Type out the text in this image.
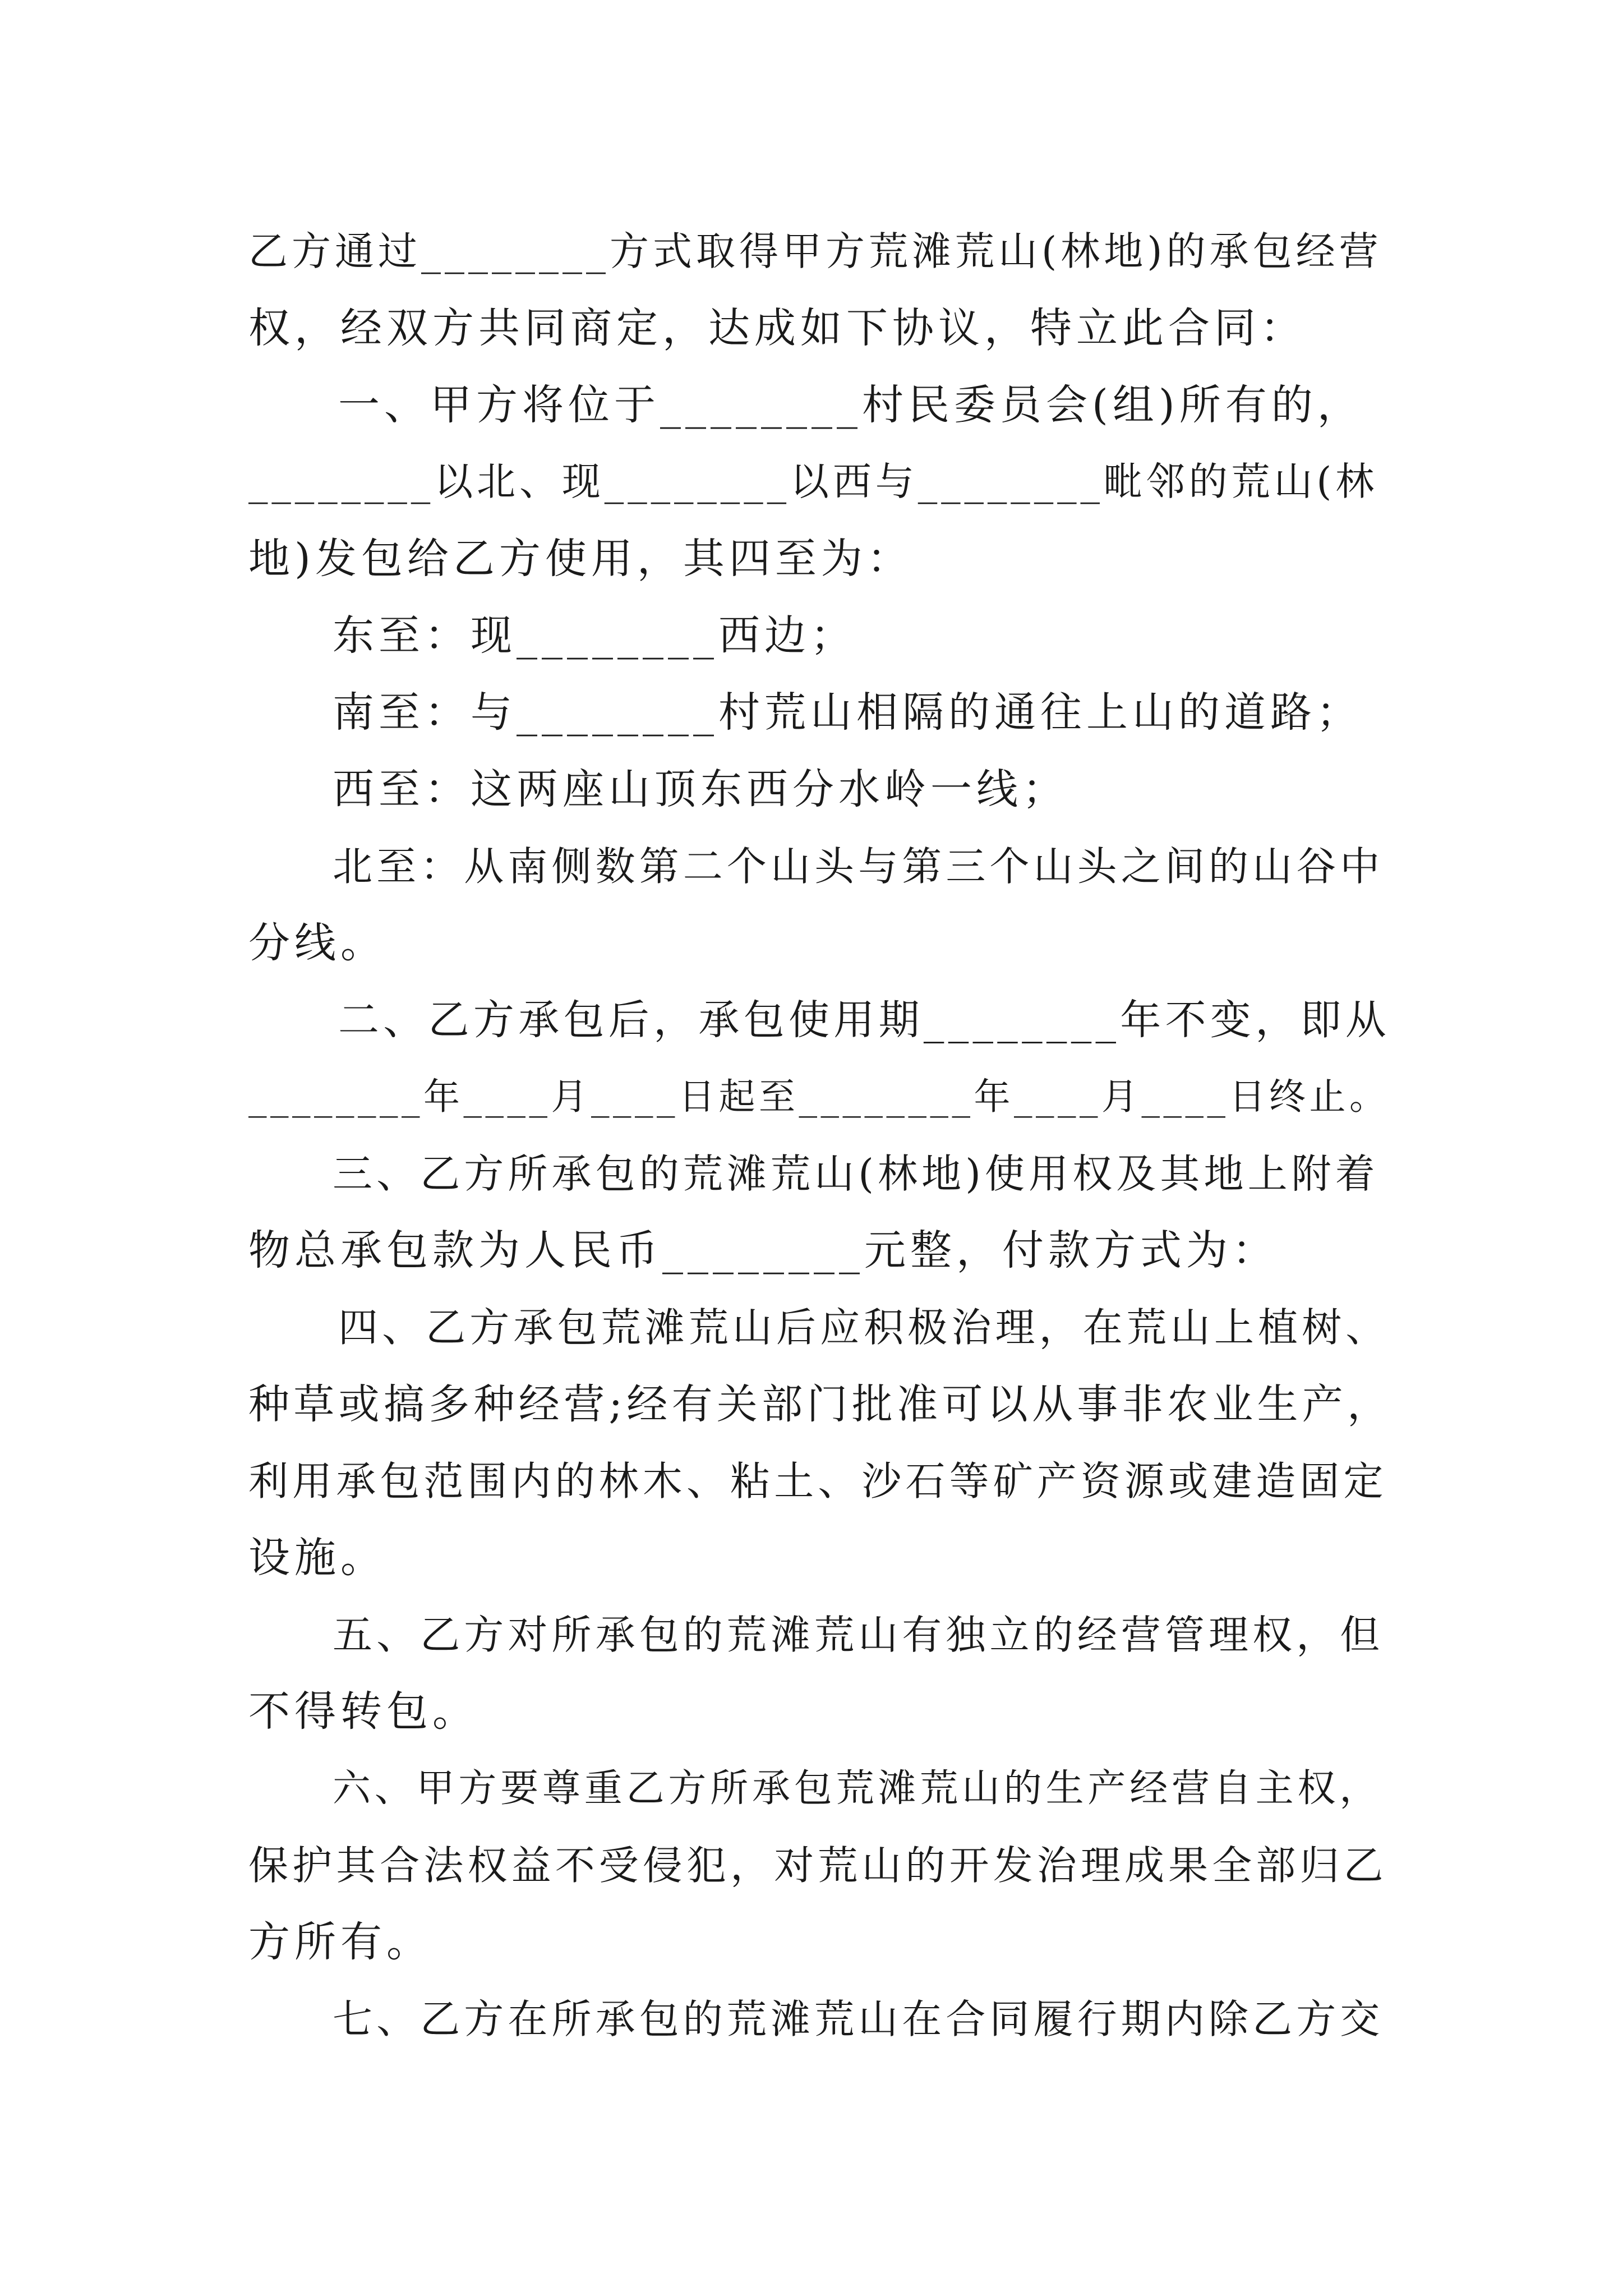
乙方通过________方式取得甲方荒滩荒山(林地)的承包经营
权，经双方共同商定，达成如下协议，特立此合同：
一、甲方将位于________村民委员会(组)所有的，
________以北、现________以西与________毗邻的荒山(林
地)发包给乙方使用，其四至为：
东至：现________西边；
南至：与________村荒山相隔的通往上山的道路；
西至：这两座山顶东西分水岭一线；
北至：从南侧数第二个山头与第三个山头之间的山谷中
分线。
二、乙方承包后，承包使用期________年不变，即从
________年____月____日起至________年____月____日终止。
三、乙方所承包的荒滩荒山(林地)使用权及其地上附着
物总承包款为人民币________元整，付款方式为：
四、乙方承包荒滩荒山后应积极治理，在荒山上植树、
种草或搞多种经营;经有关部门批准可以从事非农业生产，
利用承包范围内的林木、粘土、沙石等矿产资源或建造固定
设施。
五、乙方对所承包的荒滩荒山有独立的经营管理权，但
不得转包。
六、甲方要尊重乙方所承包荒滩荒山的生产经营自主权，
保护其合法权益不受侵犯，对荒山的开发治理成果全部归乙
方所有。
七、乙方在所承包的荒滩荒山在合同履行期内除乙方交
